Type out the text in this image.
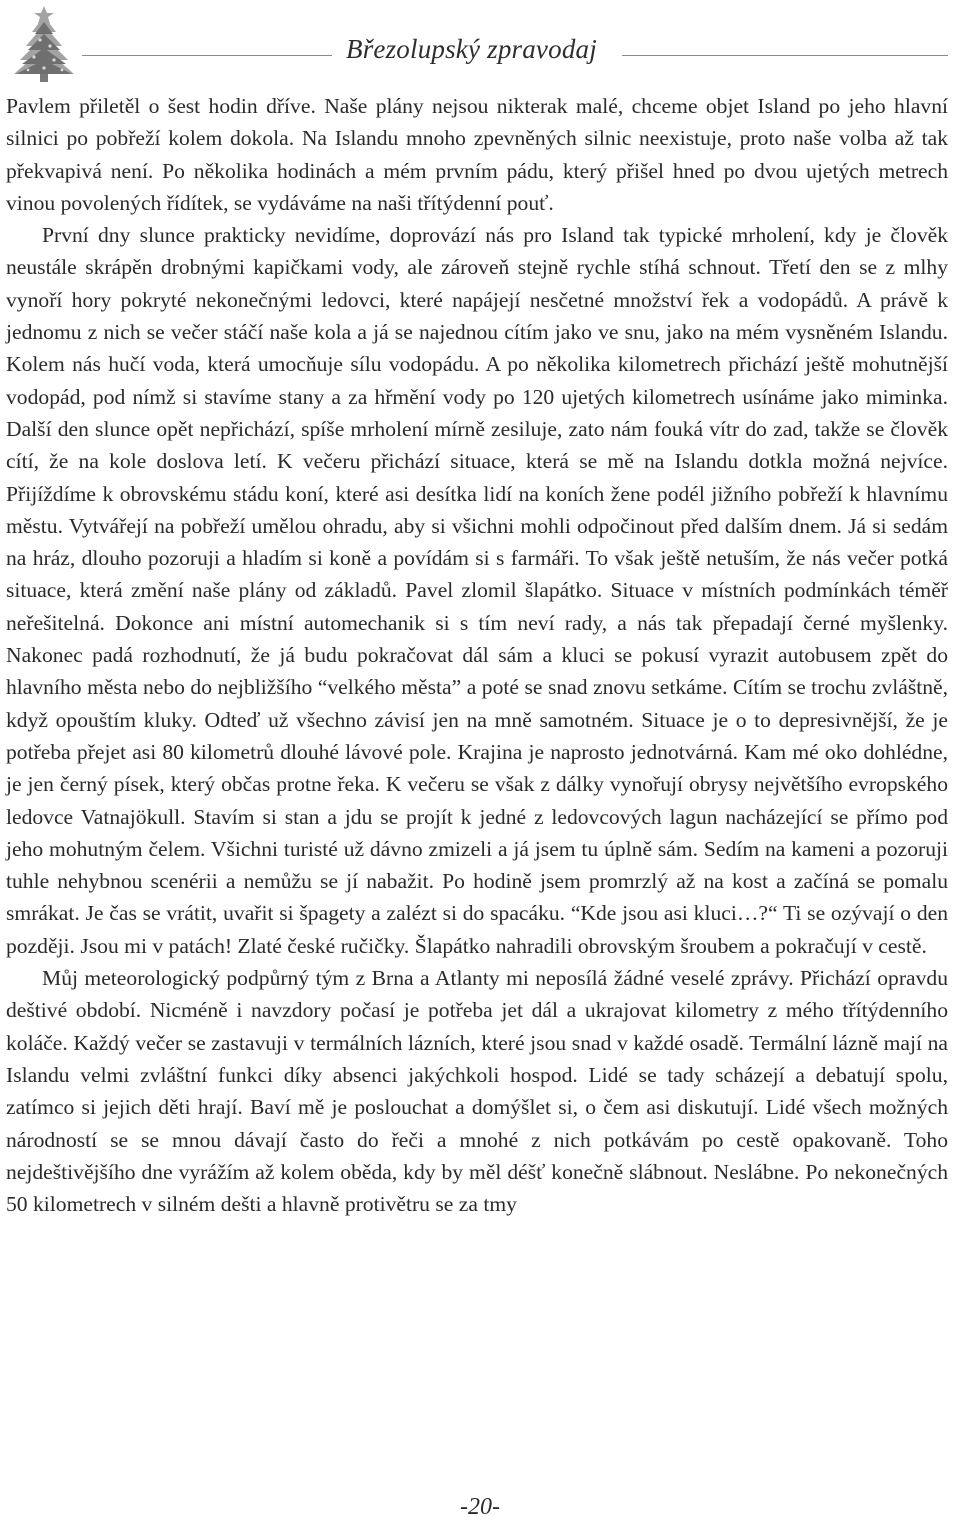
Březolupský zpravodaj

Pavlem přiletěl o šest hodin dříve. Naše plány nejsou nikterak malé, chceme objet Island po jeho hlavní silnici po pobřeží kolem dokola. Na Islandu mnoho zpevněných silnic neexistuje, proto naše volba až tak překvapivá není. Po několika hodinách a mém prvním pádu, který přišel hned po dvou ujetých metrech vinou povolených řídítek, se vydáváme na naši třítýdenní pouť.

První dny slunce prakticky nevidíme, doprovází nás pro Island tak typické mrholení, kdy je člověk neustále skrápěn drobnými kapičkami vody, ale zároveň stejně rychle stíhá schnout. Třetí den se z mlhy vynoří hory pokryté nekonečnými ledovci, které napájejí nesčetné množství řek a vodopádů. A právě k jednomu z nich se večer stáčí naše kola a já se najednou cítím jako ve snu, jako na mém vysněném Islandu. Kolem nás hučí voda, která umocňuje sílu vodopádu. A po několika kilometrech přichází ještě mohutnější vodopád, pod nímž si stavíme stany a za hřmění vody po 120 ujetých kilometrech usínáme jako miminka. Další den slunce opět nepřichází, spíše mrholení mírně zesiluje, zato nám fouká vítr do zad, takže se člověk cítí, že na kole doslova letí. K večeru přichází situace, která se mě na Islandu dotkla možná nejvíce. Přijíždíme k obrovskému stádu koní, které asi desítka lidí na koních žene podél jižního pobřeží k hlavnímu městu. Vytvářejí na pobřeží umělou ohradu, aby si všichni mohli odpočinout před dalším dnem. Já si sedám na hráz, dlouho pozoruji a hladím si koně a povídám si s farmáři. To však ještě netuším, že nás večer potká situace, která změní naše plány od základů. Pavel zlomil šlapátko. Situace v místních podmínkách téměř neřešitelná. Dokonce ani místní automechanik si s tím neví rady, a nás tak přepadají černé myšlenky. Nakonec padá rozhodnutí, že já budu pokračovat dál sám a kluci se pokusí vyrazit autobusem zpět do hlavního města nebo do nejbližšího “velkého města” a poté se snad znovu setkáme. Cítím se trochu zvláštně, když opouštím kluky. Odteď už všechno závisí jen na mně samotném. Situace je o to depresivnější, že je potřeba přejet asi 80 kilometrů dlouhé lávové pole. Krajina je naprosto jednotvárná. Kam mé oko dohlédne, je jen černý písek, který občas protne řeka. K večeru se však z dálky vynořují obrysy největšího evropského ledovce Vatnajökull. Stavím si stan a jdu se projít k jedné z ledovcových lagun nacházející se přímo pod jeho mohutným čelem. Všichni turisté už dávno zmizeli a já jsem tu úplně sám. Sedím na kameni a pozoruji tuhle nehybnou scenérii a nemůžu se jí nabažit. Po hodině jsem promrzlý až na kost a začíná se pomalu smrákat. Je čas se vrátit, uvařit si špagety a zalézt si do spacáku. “Kde jsou asi kluci…?“ Ti se ozývají o den později. Jsou mi v patách! Zlaté české ručičky. Šlapátko nahradili obrovským šroubem a pokračují v cestě.

Můj meteorologický podpůrný tým z Brna a Atlanty mi neposílá žádné veselé zprávy. Přichází opravdu deštivé období. Nicméně i navzdory počasí je potřeba jet dál a ukrajovat kilometry z mého třítýdenního koláče. Každý večer se zastavuji v termálních lázních, které jsou snad v každé osadě. Termální lázně mají na Islandu velmi zvláštní funkci díky absenci jakýchkoli hospod. Lidé se tady scházejí a debatují spolu, zatímco si jejich děti hrají. Baví mě je poslouchat a domýšlet si, o čem asi diskutují. Lidé všech možných národností se se mnou dávají často do řeči a mnohé z nich potkávám po cestě opakovaně. Toho nejdeštivějšího dne vyrážím až kolem oběda, kdy by měl déšť konečně slábnout. Neslábne. Po nekonečných 50 kilometrech v silném dešti a hlavně protivětru se za tmy

-20-
